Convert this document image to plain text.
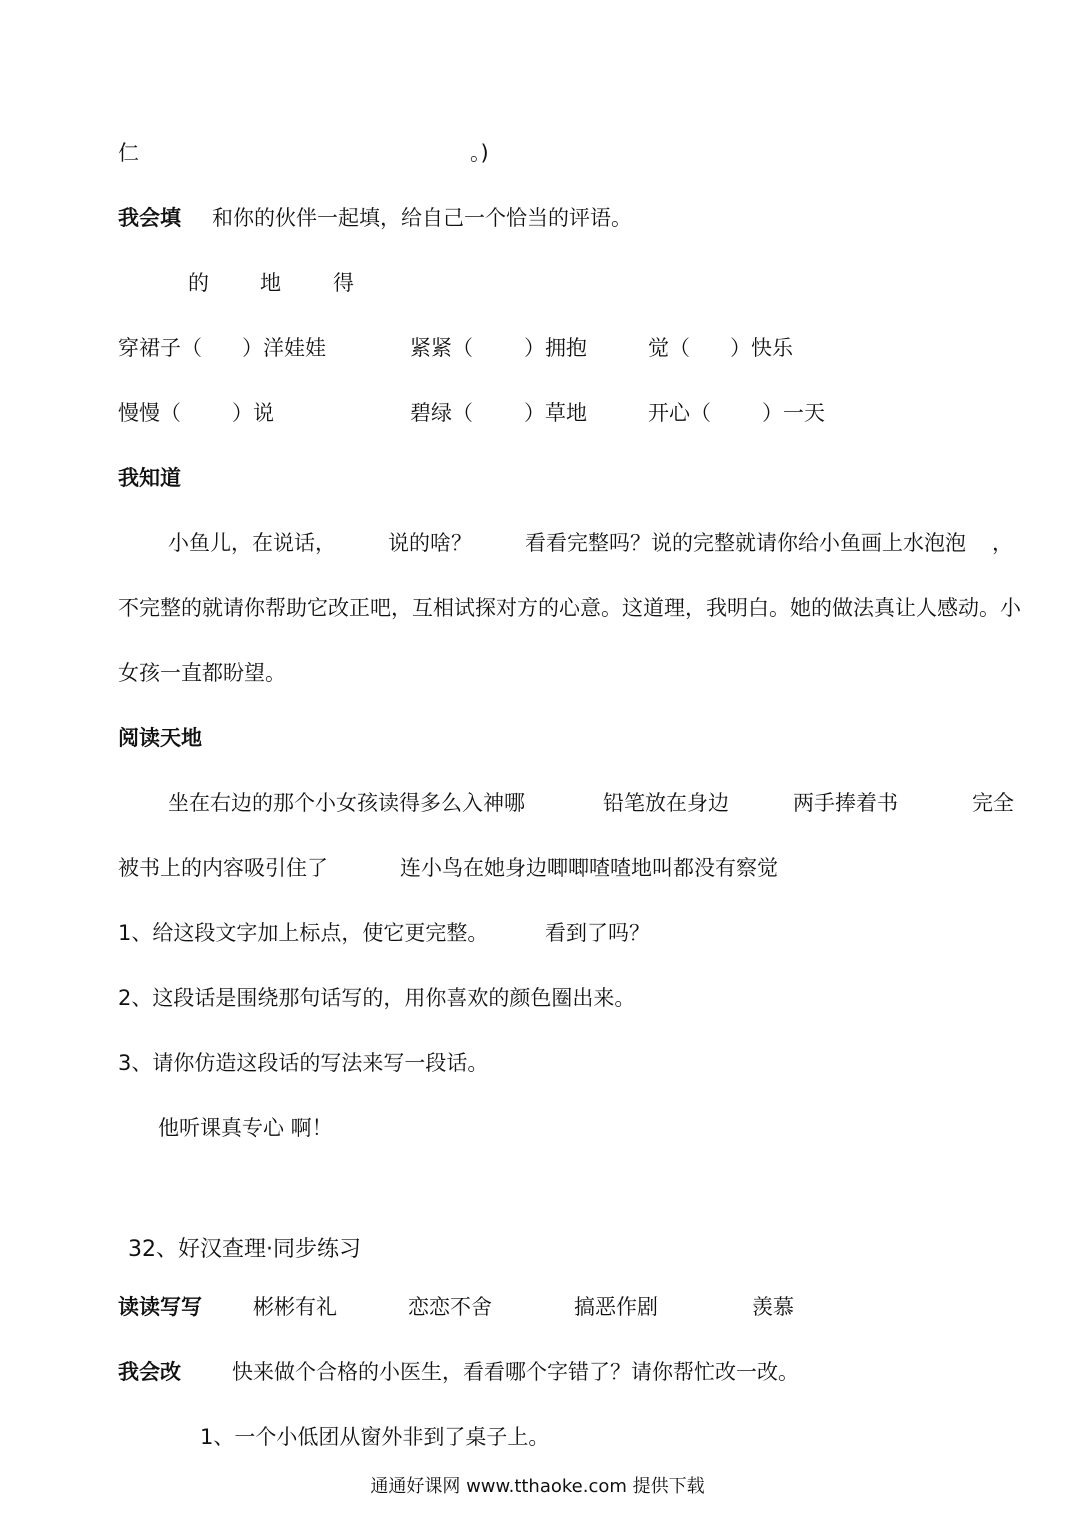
仁	。)
我会填 和你的伙伴一起填，给自己一个恰当的评语。
的 地 得
穿裙子（ ）洋娃娃	紧紧（ ）拥抱	觉（ ）快乐
慢慢（ ）说	碧绿（ ）草地	开心（ ）一天
我知道
小鱼儿，在说话， 说的啥？	看看完整吗？说的完整就请你给小鱼画上水泡泡 ，
不完整的就请你帮助它改正吧，互相试探对方的心意。这道理，我明白。她的做法真让人感动。小
女孩一直都盼望。
阅读天地
坐在右边的那个小女孩读得多么入神哪	铅笔放在身边	两手捧着书	完全
被书上的内容吸引住了	连小鸟在她身边唧唧喳喳地叫都没有察觉
1、给这段文字加上标点，使它更完整。	看到了吗？
2、这段话是围绕那句话写的，用你喜欢的颜色圈出来。
3、请你仿造这段话的写法来写一段话。
他听课真专心 啊！
32、好汉查理·同步练习
读读写写 彬彬有礼	恋恋不舍	搞恶作剧	羡慕
我会改 快来做个合格的小医生，看看哪个字错了？请你帮忙改一改。
1、一个小低团从窗外非到了桌子上。
通通好课网 www.tthaoke.com 提供下载
